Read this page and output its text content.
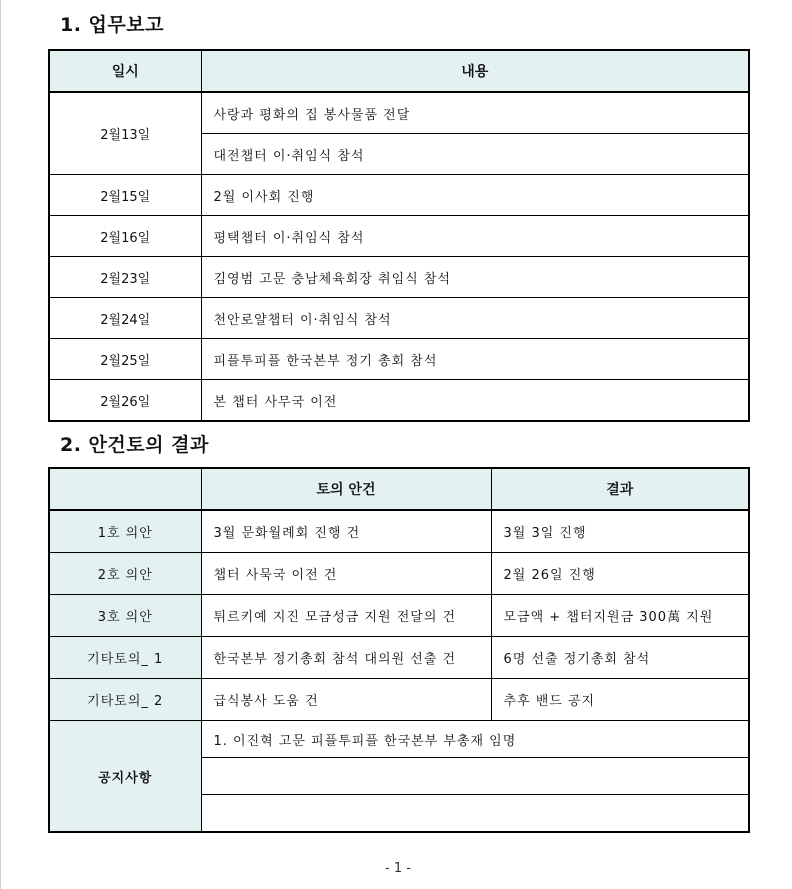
1. 업무보고
일시	내용
2월13일	사랑과 평화의 집 봉사물품 전달
	대전챕터 이·취임식 참석
2월15일	2월 이사회 진행
2월16일	평택챕터 이·취임식 참석
2월23일	김영범 고문 충남체육회장 취임식 참석
2월24일	천안로얄챕터 이·취임식 참석
2월25일	피플투피플 한국본부 정기 총회 참석
2월26일	본 챕터 사무국 이전
2. 안건토의 결과
	토의 안건	결과
1호 의안	3월 문화월례회 진행 건	3월 3일 진행
2호 의안	챕터 사묵국 이전 건	2월 26일 진행
3호 의안	튀르키예 지진 모금성금 지원 전달의 건	모금액 + 챕터지원금 300萬 지원
기타토의_ 1	한국본부 정기총회 참석 대의원 선출 건	6명 선출 정기총회 참석
기타토의_ 2	급식봉사 도움 건	추후 밴드 공지
공지사항	1. 이진혁 고문 피플투피플 한국본부 부총재 임명	

- 1 -
